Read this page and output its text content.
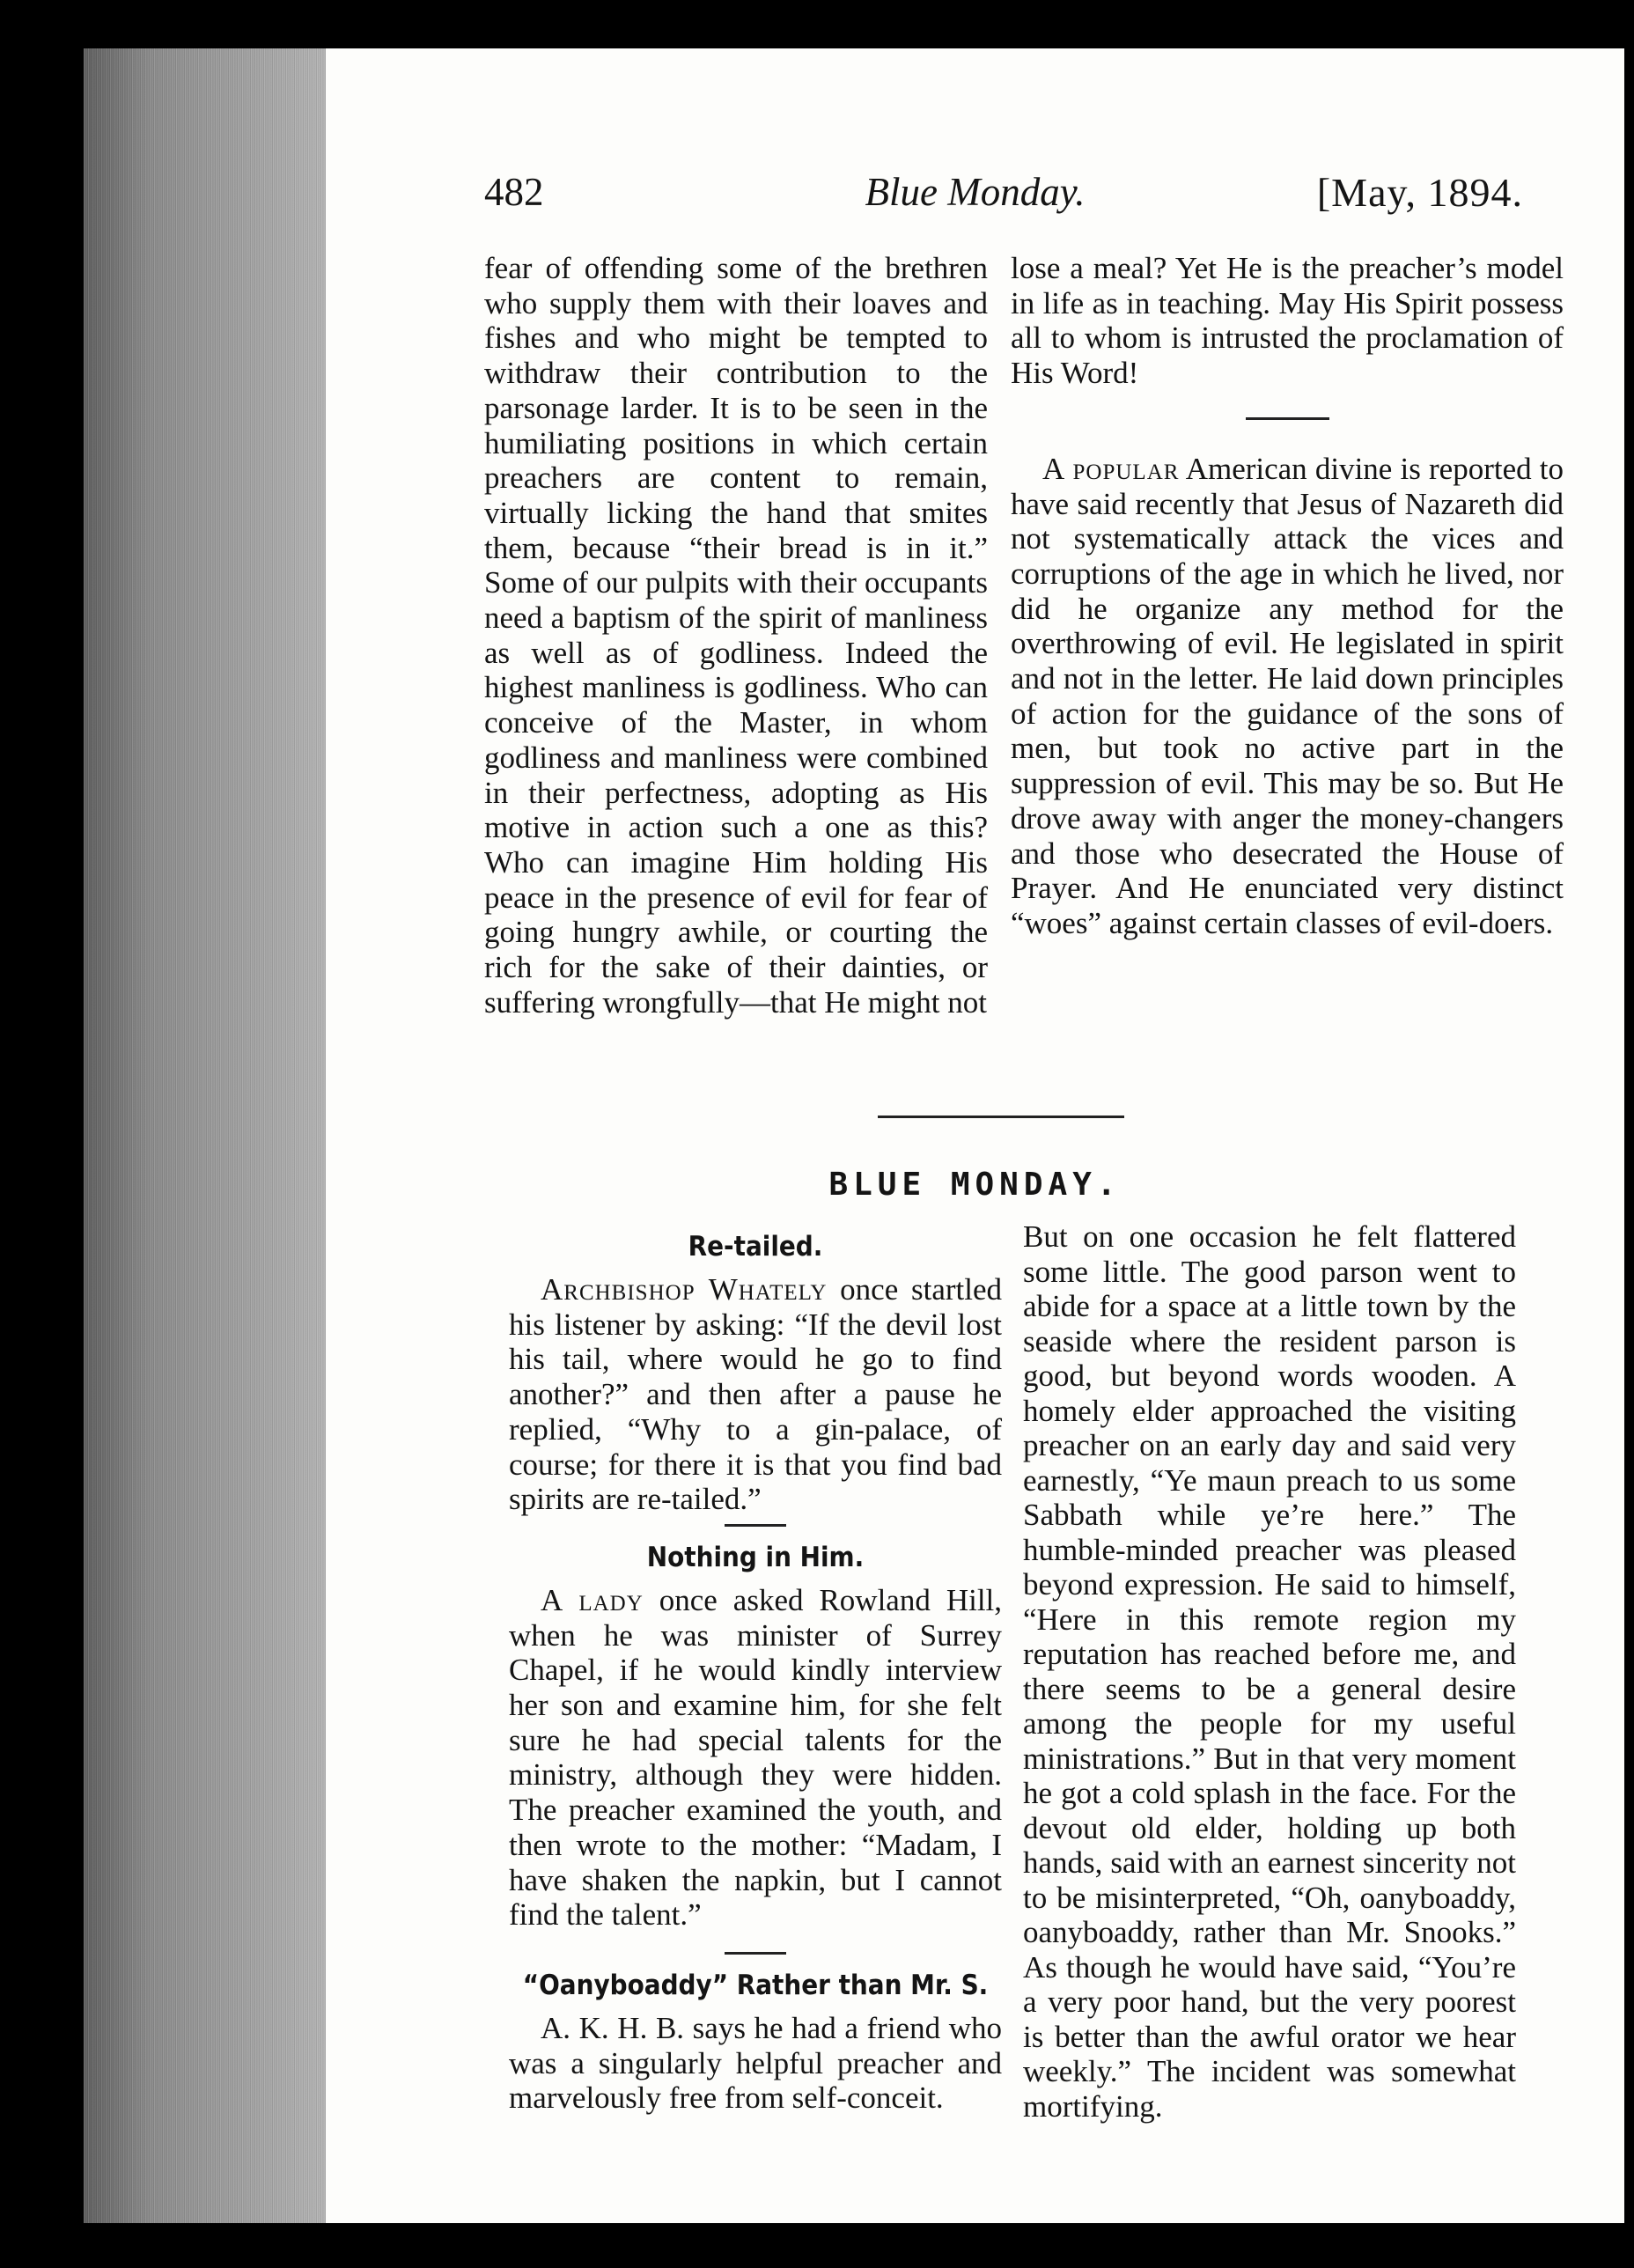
482	Blue Monday.	[May, 1894.

fear of offending some of the brethren who supply them with their loaves and fishes and who might be tempted to withdraw their contribution to the parsonage larder. It is to be seen in the humiliating positions in which certain preachers are content to remain, virtually licking the hand that smites them, because “their bread is in it.” Some of our pulpits with their occupants need a baptism of the spirit of manliness as well as of godliness. Indeed the highest manliness is godliness. Who can conceive of the Master, in whom godliness and manliness were combined in their perfectness, adopting as His motive in action such a one as this? Who can imagine Him holding His peace in the presence of evil for fear of going hungry awhile, or courting the rich for the sake of their dainties, or suffering wrongfully—that He might not

lose a meal? Yet He is the preacher’s model in life as in teaching. May His Spirit possess all to whom is intrusted the proclamation of His Word!

A popular American divine is reported to have said recently that Jesus of Nazareth did not systematically attack the vices and corruptions of the age in which he lived, nor did he organize any method for the overthrowing of evil. He legislated in spirit and not in the letter. He laid down principles of action for the guidance of the sons of men, but took no active part in the suppression of evil. This may be so. But He drove away with anger the money-changers and those who desecrated the House of Prayer. And He enunciated very distinct “woes” against certain classes of evil-doers.

BLUE MONDAY.
Re-tailed.

Archbishop Whately once startled his listener by asking: “If the devil lost his tail, where would he go to find another?” and then after a pause he replied, “Why to a gin-palace, of course; for there it is that you find bad spirits are re-tailed.”

Nothing in Him.

A lady once asked Rowland Hill, when he was minister of Surrey Chapel, if he would kindly interview her son and examine him, for she felt sure he had special talents for the ministry, although they were hidden. The preacher examined the youth, and then wrote to the mother: “Madam, I have shaken the napkin, but I cannot find the talent.”

“Oanyboaddy” Rather than Mr. S.

A. K. H. B. says he had a friend who was a singularly helpful preacher and marvelously free from self-conceit.

But on one occasion he felt flattered some little. The good parson went to abide for a space at a little town by the seaside where the resident parson is good, but beyond words wooden. A homely elder approached the visiting preacher on an early day and said very earnestly, “Ye maun preach to us some Sabbath while ye’re here.” The humble-minded preacher was pleased beyond expression. He said to himself, “Here in this remote region my reputation has reached before me, and there seems to be a general desire among the people for my useful ministrations.” But in that very moment he got a cold splash in the face. For the devout old elder, holding up both hands, said with an earnest sincerity not to be misinterpreted, “Oh, oanyboaddy, oanyboaddy, rather than Mr. Snooks.” As though he would have said, “You’re a very poor hand, but the very poorest is better than the awful orator we hear weekly.” The incident was somewhat mortifying.
